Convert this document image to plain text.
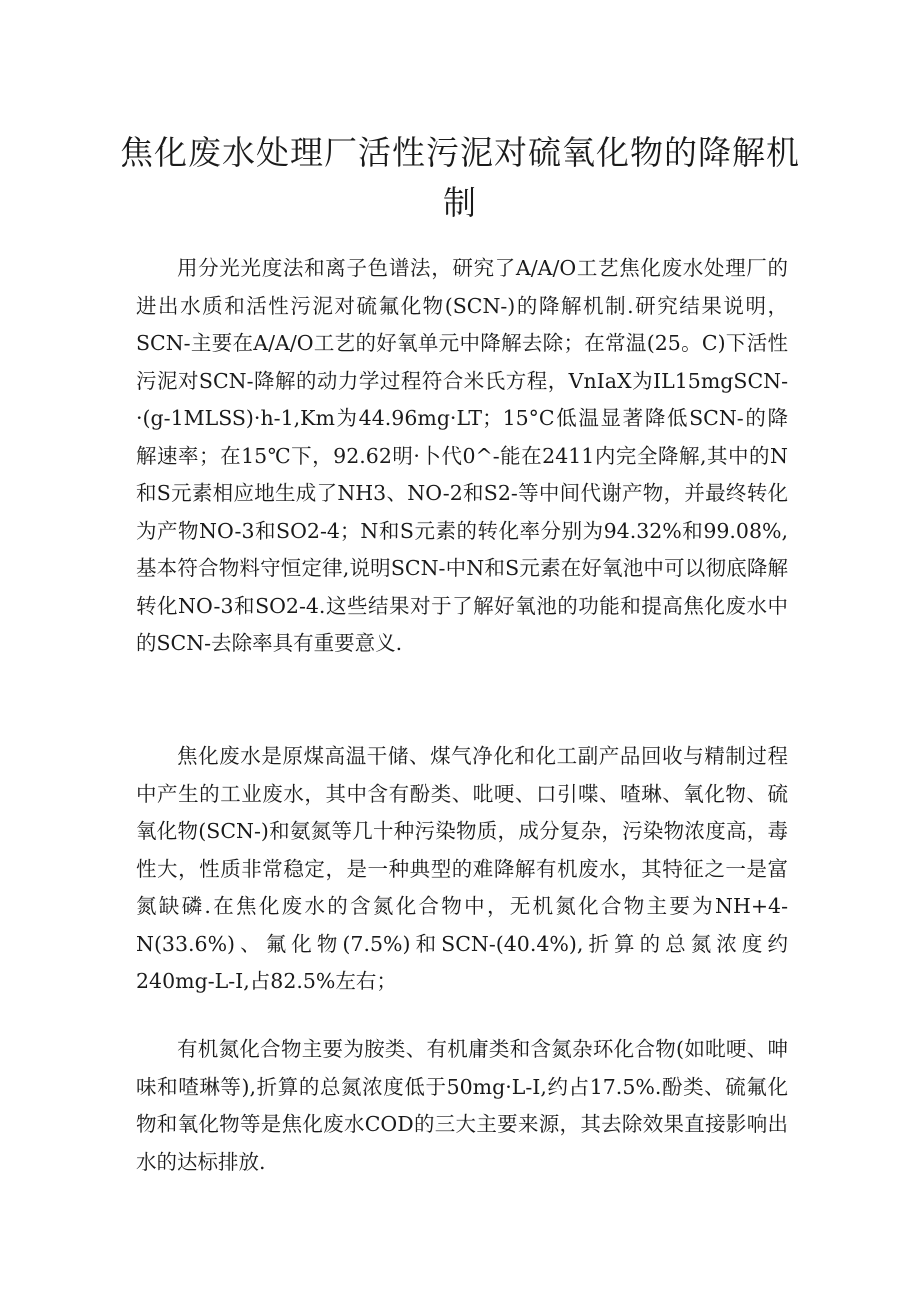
焦化废水处理厂活性污泥对硫氧化物的降解机制

用分光光度法和离子色谱法，研究了A/A/O工艺焦化废水处理厂的进出水质和活性污泥对硫氟化物(SCN-)的降解机制.研究结果说明，SCN-主要在A/A/O工艺的好氧单元中降解去除；在常温(25。C)下活性污泥对SCN-降解的动力学过程符合米氏方程，VnIaX为IL15mgSCN-·(g-1MLSS)·h-1,Km为44.96mg·LT；15°C低温显著降低SCN-的降解速率；在15℃下，92.62明·卜代0^-能在2411内完全降解,其中的N和S元素相应地生成了NH3、NO-2和S2-等中间代谢产物，并最终转化为产物NO-3和SO2-4；N和S元素的转化率分别为94.32%和99.08%,基本符合物料守恒定律,说明SCN-中N和S元素在好氧池中可以彻底降解转化NO-3和SO2-4.这些结果对于了解好氧池的功能和提高焦化废水中的SCN-去除率具有重要意义.

焦化废水是原煤高温干储、煤气净化和化工副产品回收与精制过程中产生的工业废水，其中含有酚类、吡哽、口引喋、喳琳、氧化物、硫氧化物(SCN-)和氨氮等几十种污染物质，成分复杂，污染物浓度高，毒性大，性质非常稳定，是一种典型的难降解有机废水，其特征之一是富氮缺磷.在焦化废水的含氮化合物中，无机氮化合物主要为NH+4-N(33.6%)、氟化物(7.5%)和SCN-(40.4%),折算的总氮浓度约240mg-L-I,占82.5%左右；

有机氮化合物主要为胺类、有机庸类和含氮杂环化合物(如吡哽、呻味和喳琳等),折算的总氮浓度低于50mg·L-I,约占17.5%.酚类、硫氟化物和氧化物等是焦化废水COD的三大主要来源，其去除效果直接影响出水的达标排放.
